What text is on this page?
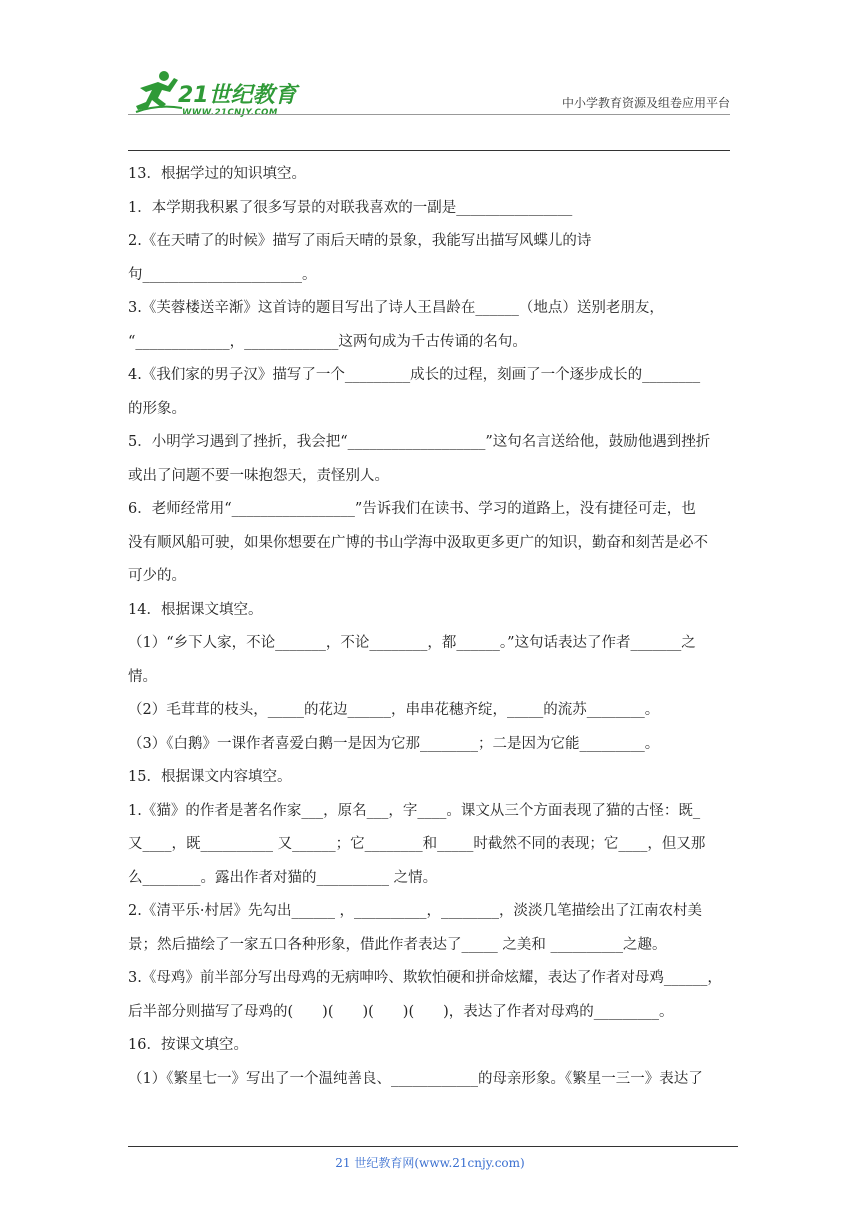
21世纪教育
WWW.21CNJY.COM
中小学教育资源及组卷应用平台
13．根据学过的知识填空。
1．本学期我积累了很多写景的对联我喜欢的一副是________________
2.《在天晴了的时候》描写了雨后天晴的景象，我能写出描写风蝶儿的诗
句______________________。
3.《芙蓉楼送辛渐》这首诗的题目写出了诗人王昌龄在______（地点）送别老朋友，
“_____________，_____________这两句成为千古传诵的名句。
4.《我们家的男子汉》描写了一个_________成长的过程，刻画了一个逐步成长的________
的形象。
5．小明学习遇到了挫折，我会把“___________________”这句名言送给他，鼓励他遇到挫折
或出了问题不要一味抱怨天，责怪别人。
6．老师经常用“_________________”告诉我们在读书、学习的道路上，没有捷径可走，也
没有顺风船可驶，如果你想要在广博的书山学海中汲取更多更广的知识，勤奋和刻苦是必不
可少的。
14．根据课文填空。
（1）“乡下人家，不论_______，不论________，都______。”这句话表达了作者_______之
情。
（2）毛茸茸的枝头，_____的花边______，串串花穗齐绽，_____的流苏________。
（3）《白鹅》一课作者喜爱白鹅一是因为它那________；二是因为它能_________。
15．根据课文内容填空。
1.《猫》的作者是著名作家___，原名___，字____。课文从三个方面表现了猫的古怪：既_
又____，既__________ 又______；它________和_____时截然不同的表现；它____，但又那
么________。露出作者对猫的__________ 之情。
2.《清平乐·村居》先勾出______ ，__________，________，淡淡几笔描绘出了江南农村美
景；然后描绘了一家五口各种形象，借此作者表达了_____ 之美和 __________之趣。
3.《母鸡》前半部分写出母鸡的无病呻吟、欺软怕硬和拼命炫耀，表达了作者对母鸡______，
后半部分则描写了母鸡的(　　)(　　)(　　)(　　)，表达了作者对母鸡的_________。
16．按课文填空。
（1）《繁星七一》写出了一个温纯善良、____________的母亲形象。《繁星一三一》表达了
21 世纪教育网(www.21cnjy.com)
